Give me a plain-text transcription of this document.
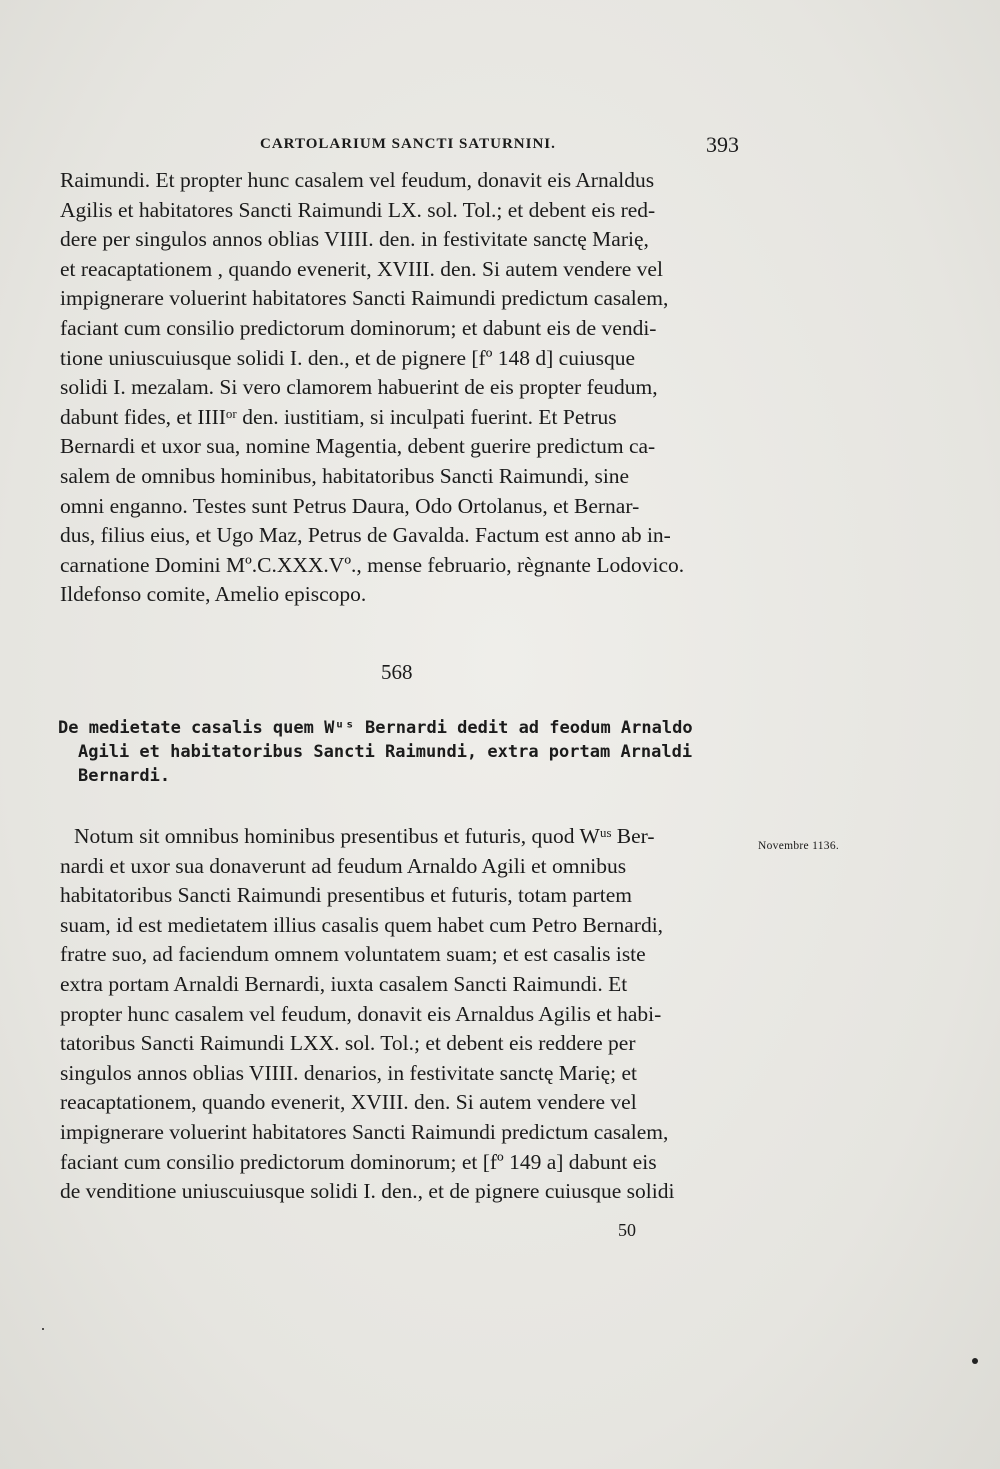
CARTOLARIUM SANCTI SATURNINI.	393

Raimundi. Et propter hunc casalem vel feudum, donavit eis Arnaldus

Agilis et habitatores Sancti Raimundi LX. sol. Tol.; et debent eis red-

dere per singulos annos oblias VIIII. den. in festivitate sanctę Marię,

et reacaptationem , quando evenerit, XVIII. den. Si autem vendere vel

impignerare voluerint habitatores Sancti Raimundi predictum casalem,

faciant cum consilio predictorum dominorum; et dabunt eis de vendi-

tione uniuscuiusque solidi I. den., et de pignere [fº 148 d] cuiusque

solidi I. mezalam. Si vero clamorem habuerint de eis propter feudum,

dabunt fides, et IIIIᵒʳ den. iustitiam, si inculpati fuerint. Et Petrus

Bernardi et uxor sua, nomine Magentia, debent guerire predictum ca-

salem de omnibus hominibus, habitatoribus Sancti Raimundi, sine

omni enganno. Testes sunt Petrus Daura, Odo Ortolanus, et Bernar-

dus, filius eius, et Ugo Maz, Petrus de Gavalda. Factum est anno ab in-

carnatione Domini Mº.C.XXX.Vº., mense februario, règnante Lodovico.

Ildefonso comite, Amelio episcopo.

568
De medietate casalis quem Wᵘˢ Bernardi dedit ad feodum Arnaldo
Agili et habitatoribus Sancti Raimundi, extra portam Arnaldi
Bernardi.
Novembre 1136.

Notum sit omnibus hominibus presentibus et futuris, quod Wᵘˢ Ber-

nardi et uxor sua donaverunt ad feudum Arnaldo Agili et omnibus

habitatoribus Sancti Raimundi presentibus et futuris, totam partem

suam, id est medietatem illius casalis quem habet cum Petro Bernardi,

fratre suo, ad faciendum omnem voluntatem suam; et est casalis iste

extra portam Arnaldi Bernardi, iuxta casalem Sancti Raimundi. Et

propter hunc casalem vel feudum, donavit eis Arnaldus Agilis et habi-

tatoribus Sancti Raimundi LXX. sol. Tol.; et debent eis reddere per

singulos annos oblias VIIII. denarios, in festivitate sanctę Marię; et

reacaptationem, quando evenerit, XVIII. den. Si autem vendere vel

impignerare voluerint habitatores Sancti Raimundi predictum casalem,

faciant cum consilio predictorum dominorum; et [fº 149 a] dabunt eis

de venditione uniuscuiusque solidi I. den., et de pignere cuiusque solidi

50
